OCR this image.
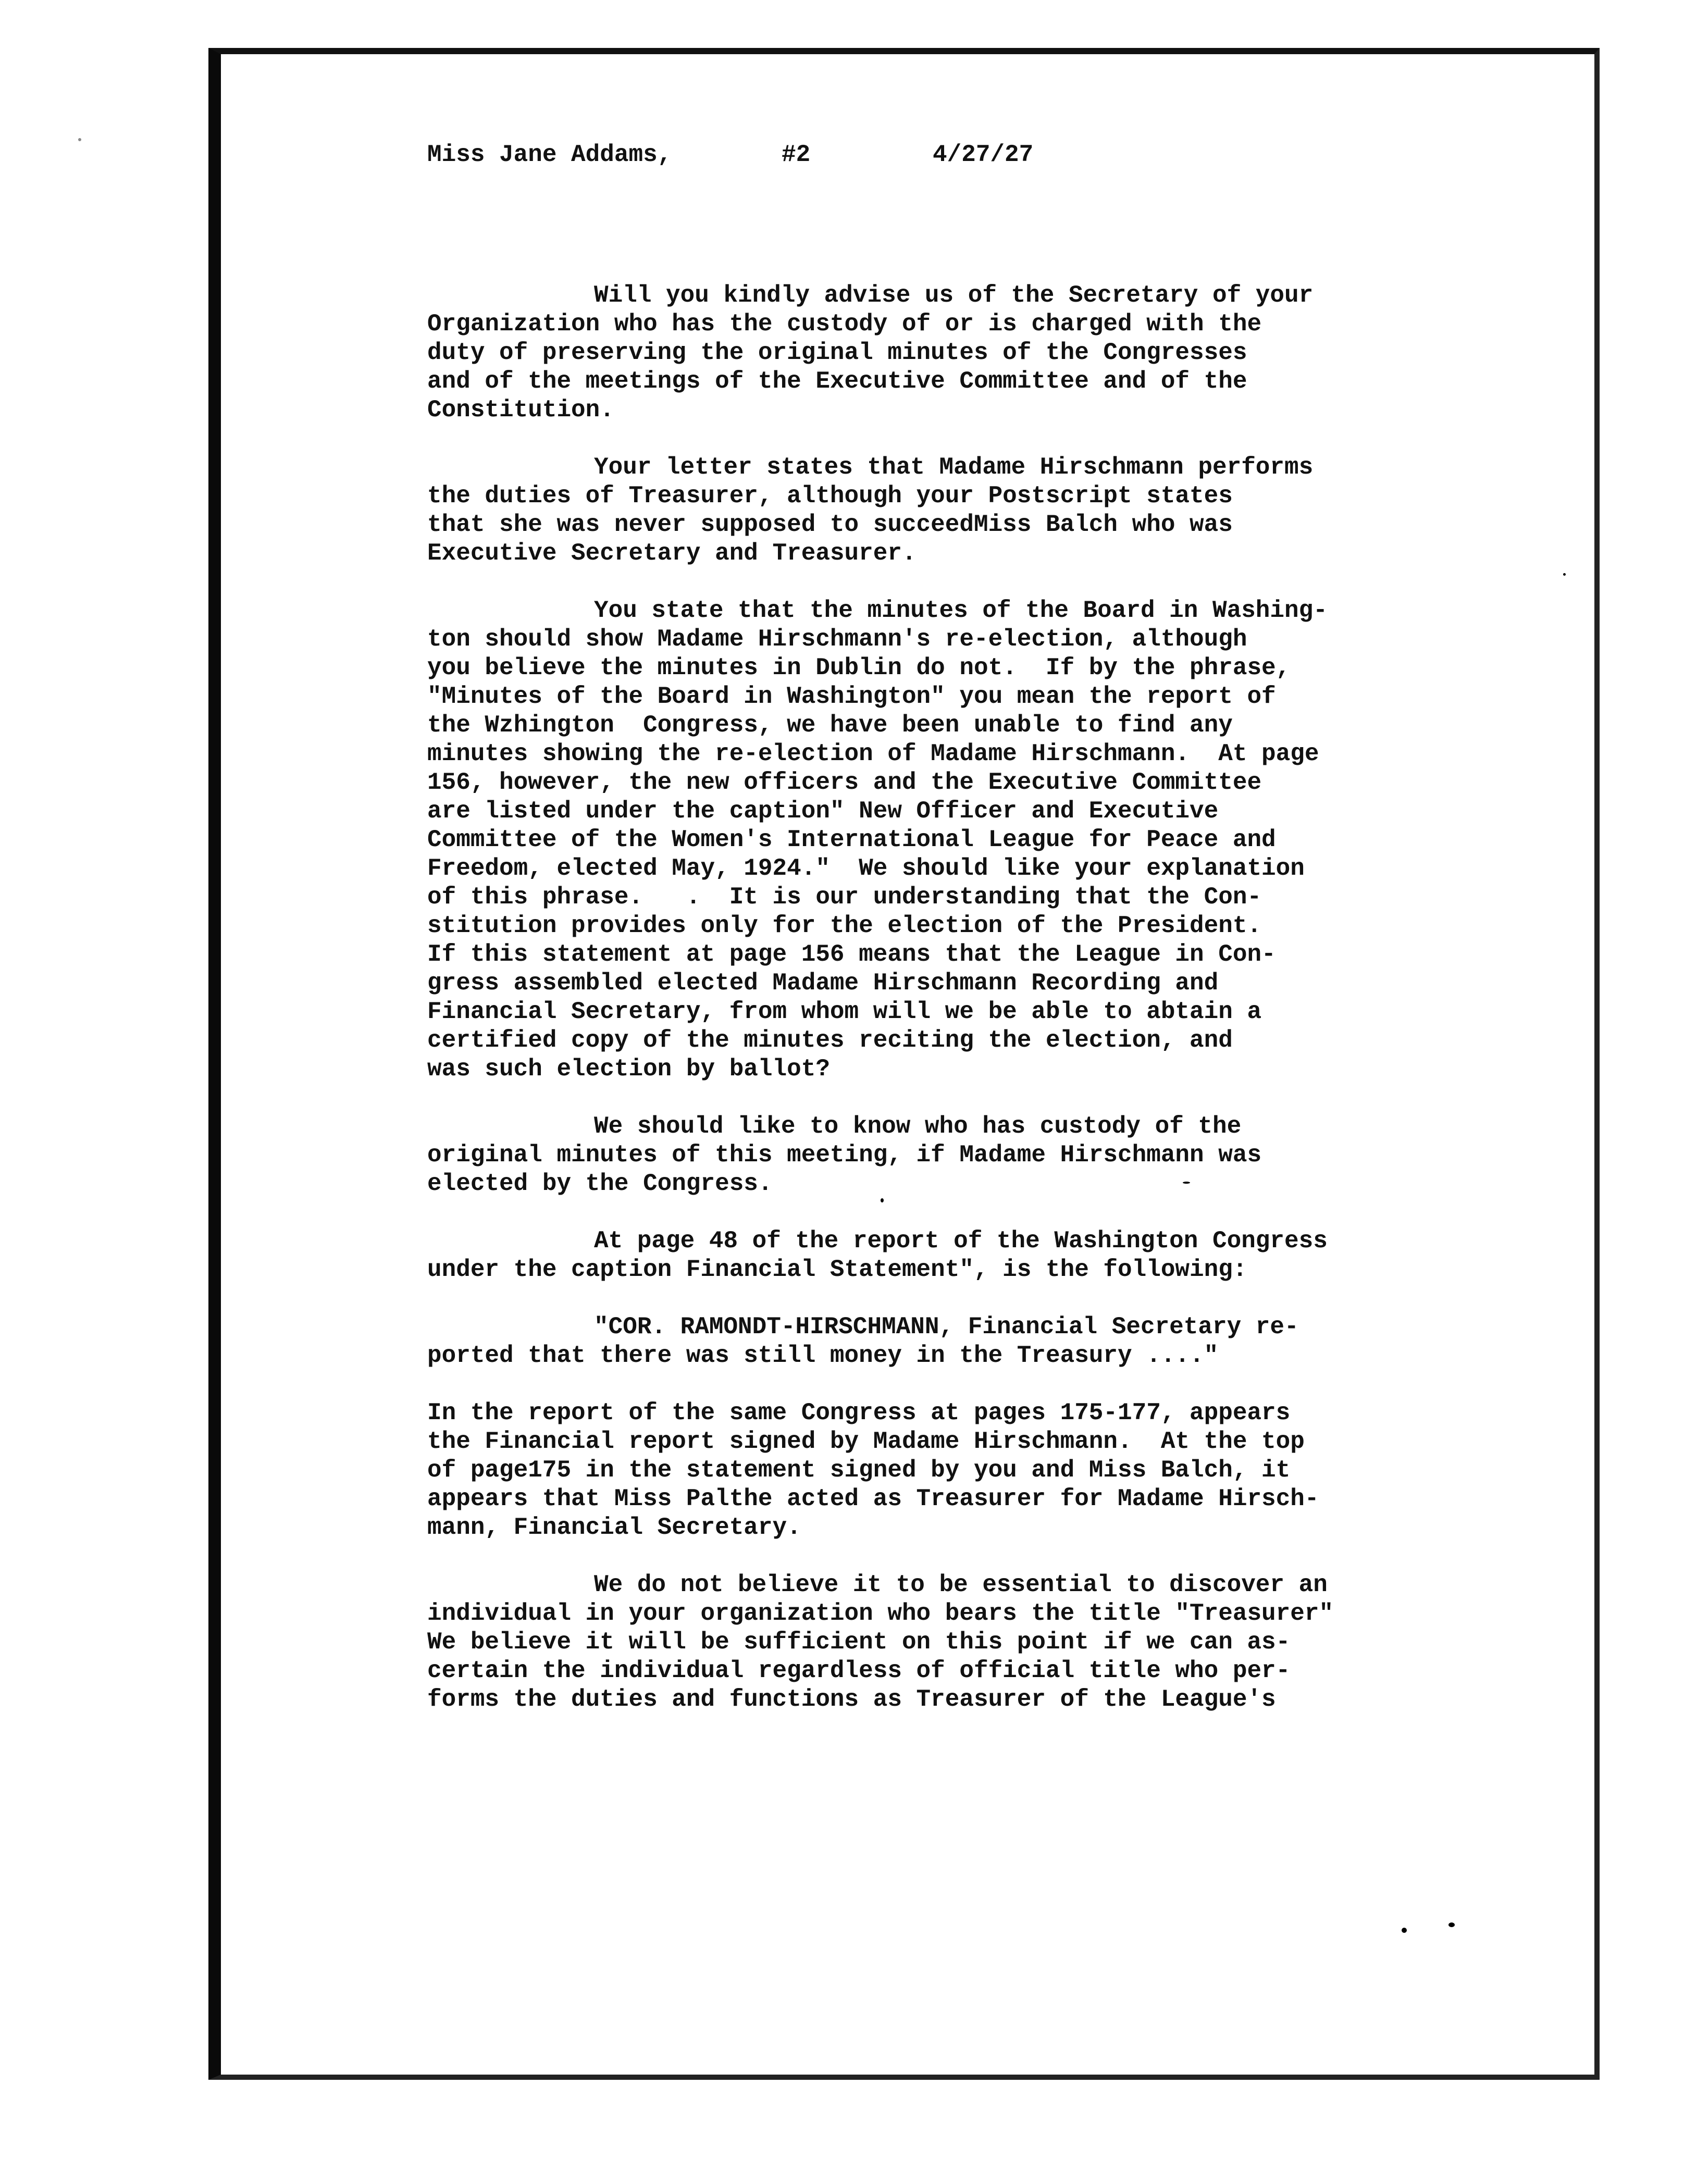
Miss Jane Addams,	#2	4/27/27
Will you kindly advise us of the Secretary of your
Organization who has the custody of or is charged with the
duty of preserving the original minutes of the Congresses
and of the meetings of the Executive Committee and of the
Constitution.
Your letter states that Madame Hirschmann performs
the duties of Treasurer, although your Postscript states
that she was never supposed to succeedMiss Balch who was
Executive Secretary and Treasurer.
You state that the minutes of the Board in Washing-
ton should show Madame Hirschmann's re-election, although
you believe the minutes in Dublin do not.  If by the phrase,
"Minutes of the Board in Washington" you mean the report of
the Wzhington  Congress, we have been unable to find any
minutes showing the re-election of Madame Hirschmann.  At page
156, however, the new officers and the Executive Committee
are listed under the caption" New Officer and Executive
Committee of the Women's International League for Peace and
Freedom, elected May, 1924."  We should like your explanation
of this phrase.   .  It is our understanding that the Con-
stitution provides only for the election of the President.
If this statement at page 156 means that the League in Con-
gress assembled elected Madame Hirschmann Recording and
Financial Secretary, from whom will we be able to abtain a
certified copy of the minutes reciting the election, and
was such election by ballot?
We should like to know who has custody of the
original minutes of this meeting, if Madame Hirschmann was
elected by the Congress.
At page 48 of the report of the Washington Congress
under the caption Financial Statement", is the following:
"COR. RAMONDT-HIRSCHMANN, Financial Secretary re-
ported that there was still money in the Treasury ...."
In the report of the same Congress at pages 175-177, appears
the Financial report signed by Madame Hirschmann.  At the top
of page175 in the statement signed by you and Miss Balch, it
appears that Miss Palthe acted as Treasurer for Madame Hirsch-
mann, Financial Secretary.
We do not believe it to be essential to discover an
individual in your organization who bears the title "Treasurer"
We believe it will be sufficient on this point if we can as-
certain the individual regardless of official title who per-
forms the duties and functions as Treasurer of the League's
